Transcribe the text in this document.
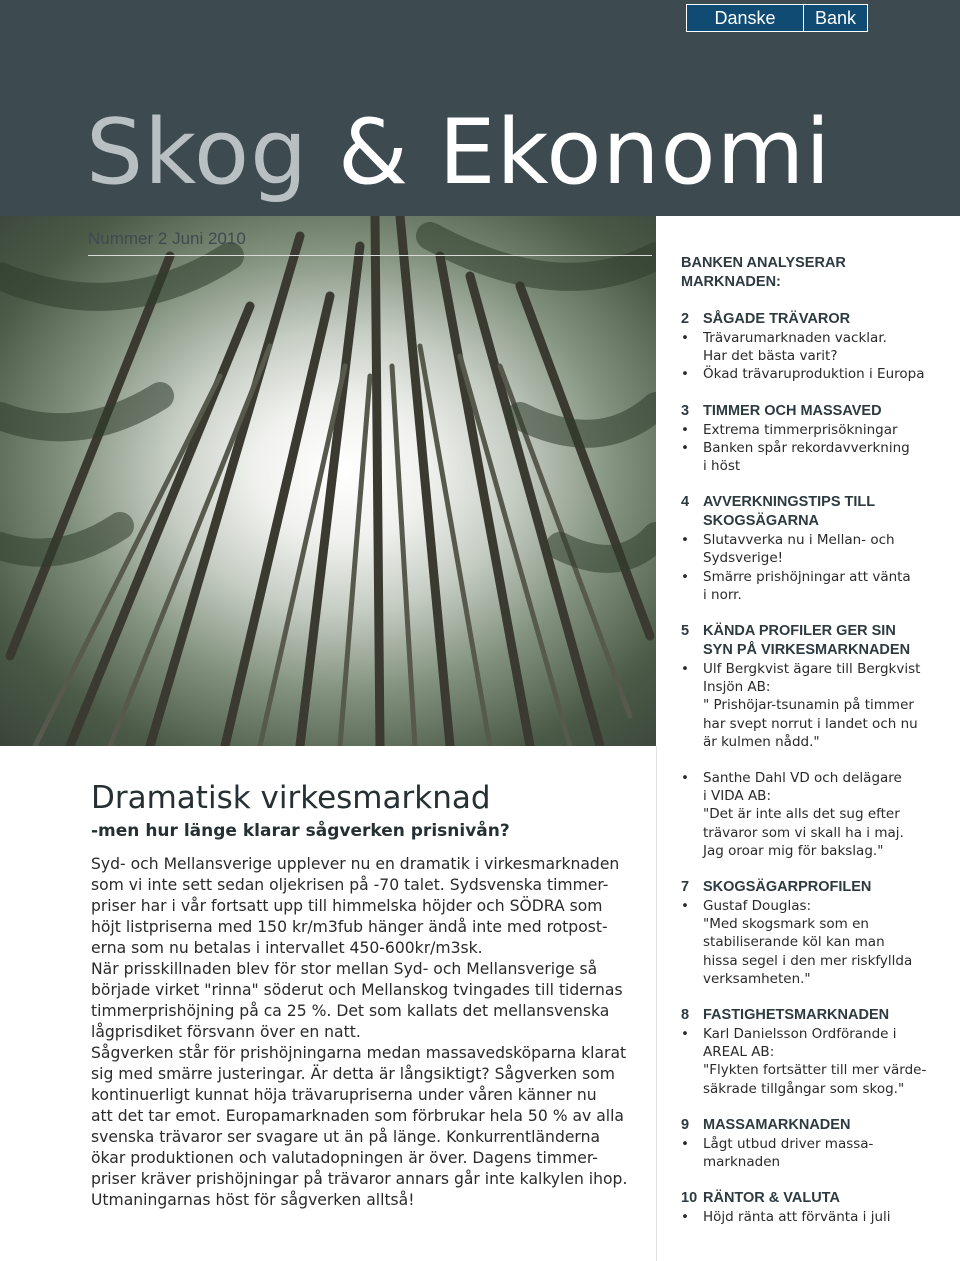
Danske	Bank
Skog & Ekonomi
Nummer 2 Juni 2010
BANKEN ANALYSERAR
MARKNADEN:
2 SÅGADE TRÄVAROR
•	Trävarumarknaden vacklar.
Har det bästa varit?
•	Ökad trävaruproduktion i Europa
3 TIMMER OCH MASSAVED
•	Extrema timmerprisökningar
•	Banken spår rekordavverkning
i höst
4 AVVERKNINGSTIPS TILL
SKOGSÄGARNA
•	Slutavverka nu i Mellan- och
Sydsverige!
•	Smärre prishöjningar att vänta
i norr.
5 KÄNDA PROFILER GER SIN
SYN PÅ VIRKESMARKNADEN
•	Ulf Bergkvist ägare till Bergkvist
Insjön AB:
" Prishöjar-tsunamin på timmer
har svept norrut i landet och nu
är kulmen nådd."
•	Santhe Dahl VD och delägare
i VIDA AB:
"Det är inte alls det sug efter
trävaror som vi skall ha i maj.
Jag oroar mig för bakslag."
7 SKOGSÄGARPROFILEN
•	Gustaf Douglas:
"Med skogsmark som en
stabiliserande köl kan man
hissa segel i den mer riskfyllda
verksamheten."
8 FASTIGHETSMARKNADEN
•	Karl Danielsson Ordförande i
AREAL AB:
"Flykten fortsätter till mer värde-
säkrade tillgångar som skog."
9 MASSAMARKNADEN
•	Lågt utbud driver massa-
marknaden
10 RÄNTOR & VALUTA
•	Höjd ränta att förvänta i juli
Dramatisk virkesmarknad
-men hur länge klarar sågverken prisnivån?

Syd- och Mellansverige upplever nu en dramatik i virkesmarknaden

som vi inte sett sedan oljekrisen på -70 talet. Sydsvenska timmer-

priser har i vår fortsatt upp till himmelska höjder och SÖDRA som

höjt listpriserna med 150 kr/m3fub hänger ändå inte med rotpost-

erna som nu betalas i intervallet 450-600kr/m3sk.

När prisskillnaden blev för stor mellan Syd- och Mellansverige så

började virket "rinna" söderut och Mellanskog tvingades till tidernas

timmerprishöjning på ca 25 %. Det som kallats det mellansvenska

lågprisdiket försvann över en natt.

Sågverken står för prishöjningarna medan massavedsköparna klarat

sig med smärre justeringar. Är detta är långsiktigt? Sågverken som

kontinuerligt kunnat höja trävarupriserna under våren känner nu

att det tar emot. Europamarknaden som förbrukar hela 50 % av alla

svenska trävaror ser svagare ut än på länge. Konkurrentländerna

ökar produktionen och valutadopningen är över. Dagens timmer-

priser kräver prishöjningar på trävaror annars går inte kalkylen ihop.

Utmaningarnas höst för sågverken alltså!
